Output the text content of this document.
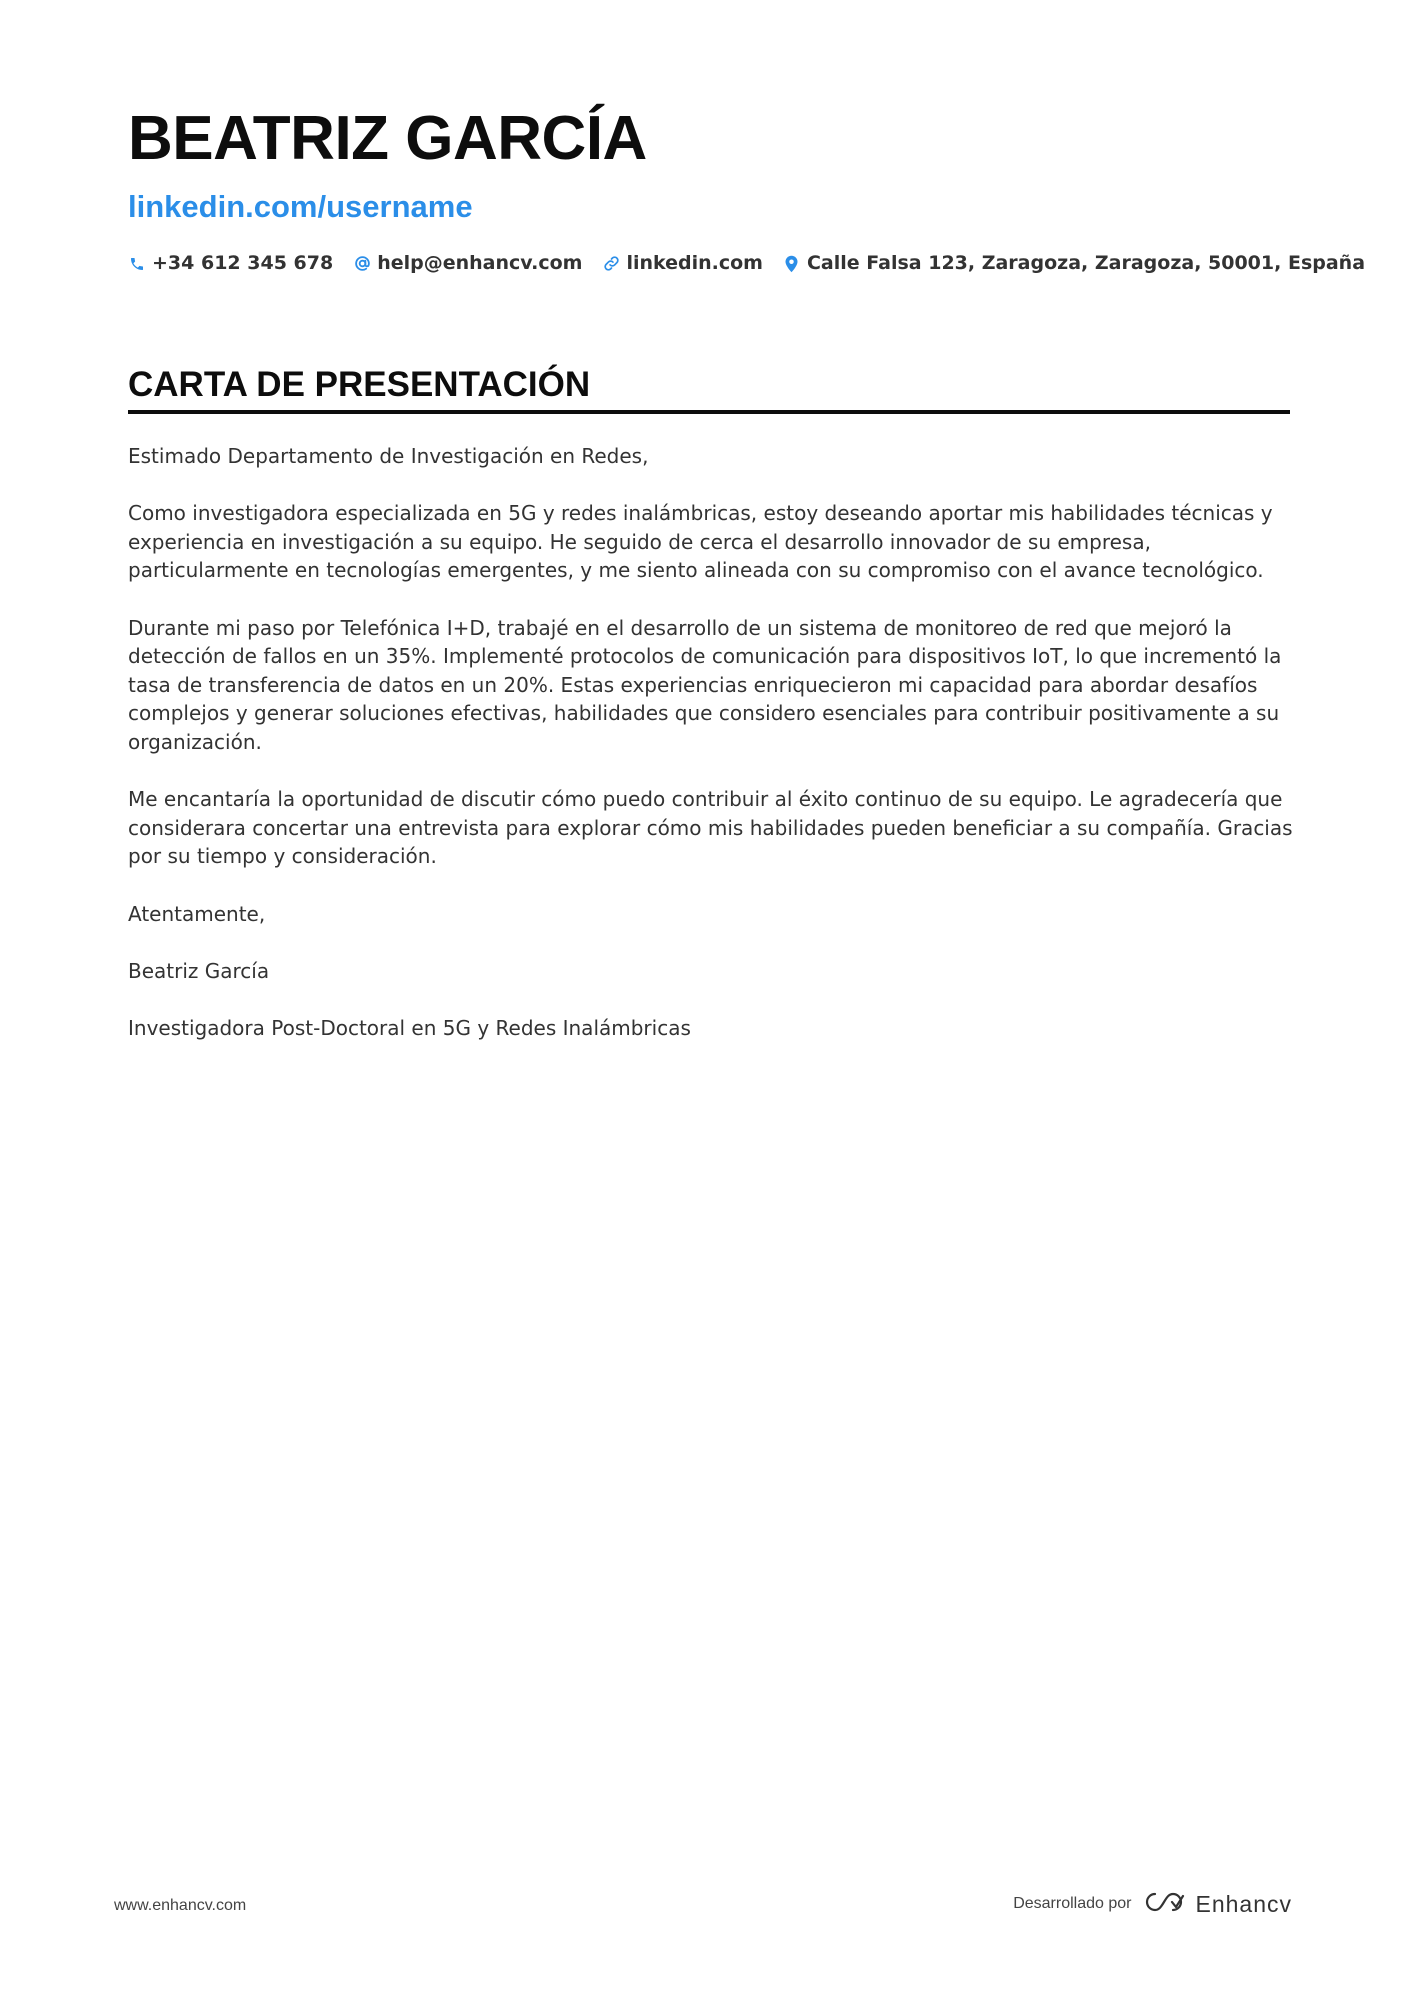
BEATRIZ GARCÍA
linkedin.com/username
+34 612 345 678 help@enhancv.com linkedin.com Calle Falsa 123, Zaragoza, Zaragoza, 50001, España
CARTA DE PRESENTACIÓN

Estimado Departamento de Investigación en Redes,

Como investigadora especializada en 5G y redes inalámbricas, estoy deseando aportar mis habilidades técnicas y experiencia en investigación a su equipo. He seguido de cerca el desarrollo innovador de su empresa, particularmente en tecnologías emergentes, y me siento alineada con su compromiso con el avance tecnológico.

Durante mi paso por Telefónica I+D, trabajé en el desarrollo de un sistema de monitoreo de red que mejoró la detección de fallos en un 35%. Implementé protocolos de comunicación para dispositivos IoT, lo que incrementó la tasa de transferencia de datos en un 20%. Estas experiencias enriquecieron mi capacidad para abordar desafíos complejos y generar soluciones efectivas, habilidades que considero esenciales para contribuir positivamente a su organización.

Me encantaría la oportunidad de discutir cómo puedo contribuir al éxito continuo de su equipo. Le agradecería que considerara concertar una entrevista para explorar cómo mis habilidades pueden beneficiar a su compañía. Gracias por su tiempo y consideración.

Atentamente,

Beatriz García

Investigadora Post-Doctoral en 5G y Redes Inalámbricas

www.enhancv.com	Desarrollado por	Enhancv
